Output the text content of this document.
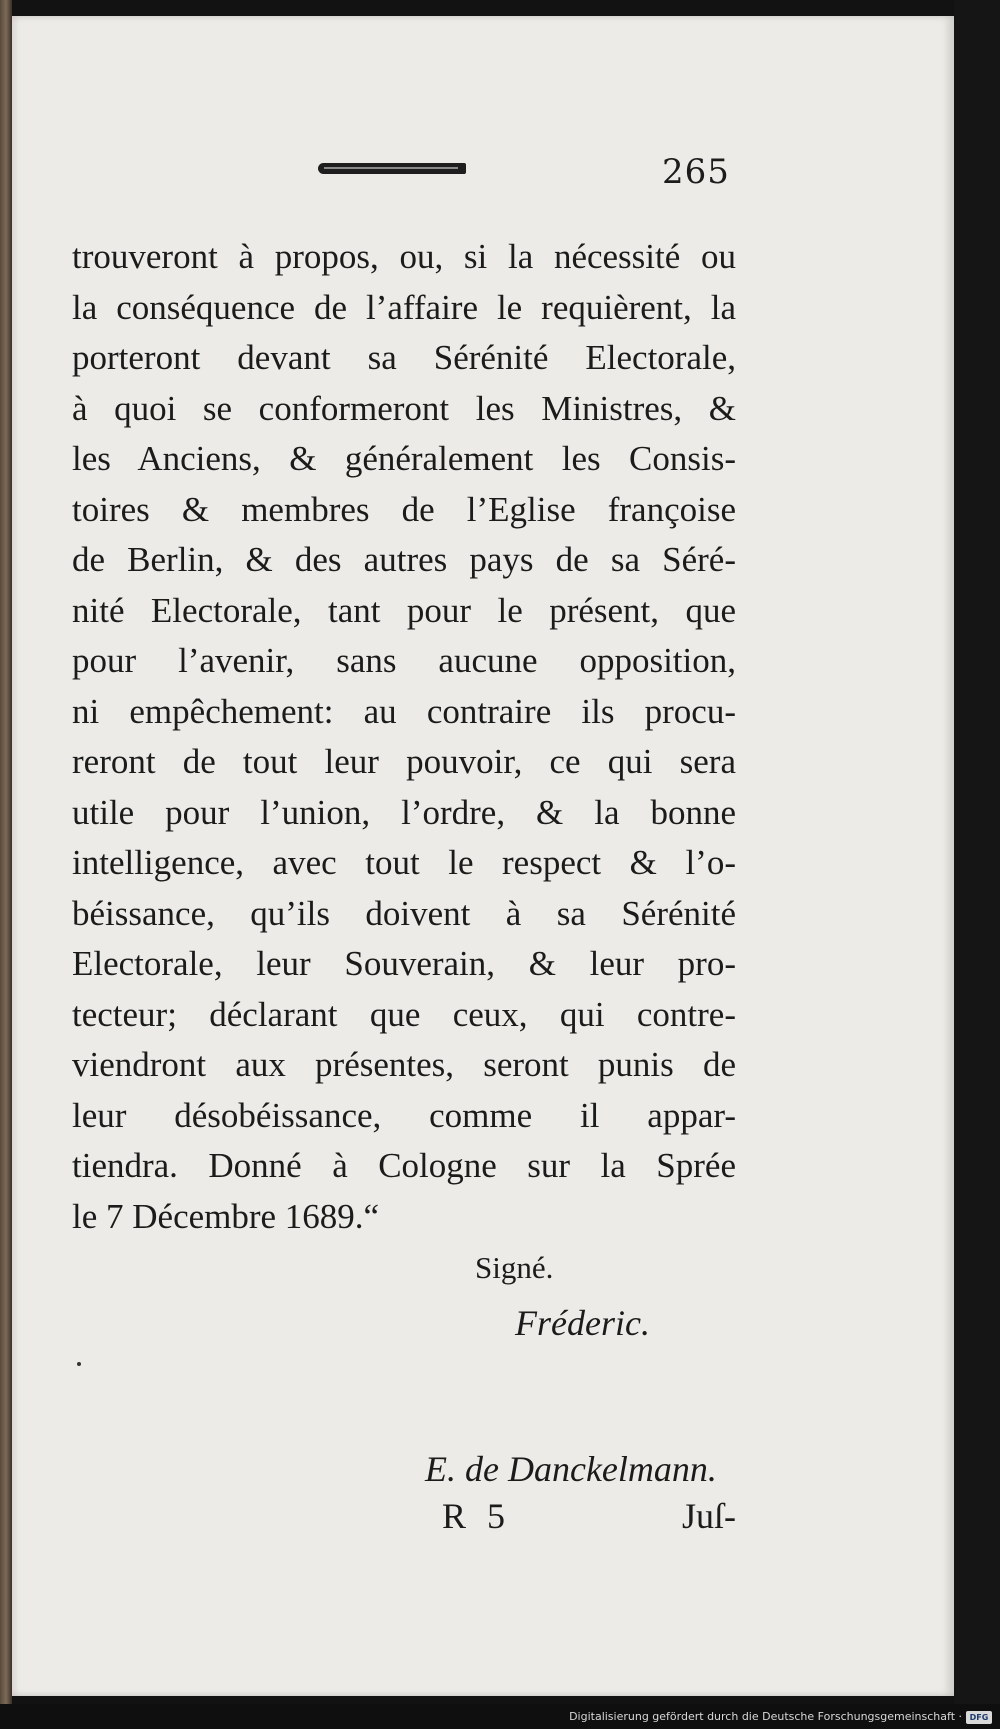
265
trouveront à propos, ou, si la nécessité ou
la conséquence de l’affaire le requièrent, la
porteront devant sa Sérénité Electorale,
à quoi se conformeront les Ministres, &
les Anciens, & généralement les Consis-
toires & membres de l’Eglise françoise
de Berlin, & des autres pays de sa Séré-
nité Electorale, tant pour le présent, que
pour l’avenir, sans aucune opposition,
ni empêchement: au contraire ils procu-
reront de tout leur pouvoir, ce qui sera
utile pour l’union, l’ordre, & la bonne
intelligence, avec tout le respect & l’o-
béissance, qu’ils doivent à sa Sérénité
Electorale, leur Souverain, & leur pro-
tecteur; déclarant que ceux, qui contre-
viendront aux présentes, seront punis de
leur désobéissance, comme il appar-
tiendra. Donné à Cologne sur la Sprée
le 7 Décembre 1689.“
Signé.
Fréderic.
E. de Danckelmann.
R 5	Juſ-
Digitalisierung gefördert durch die Deutsche Forschungsgemeinschaft · DFG
